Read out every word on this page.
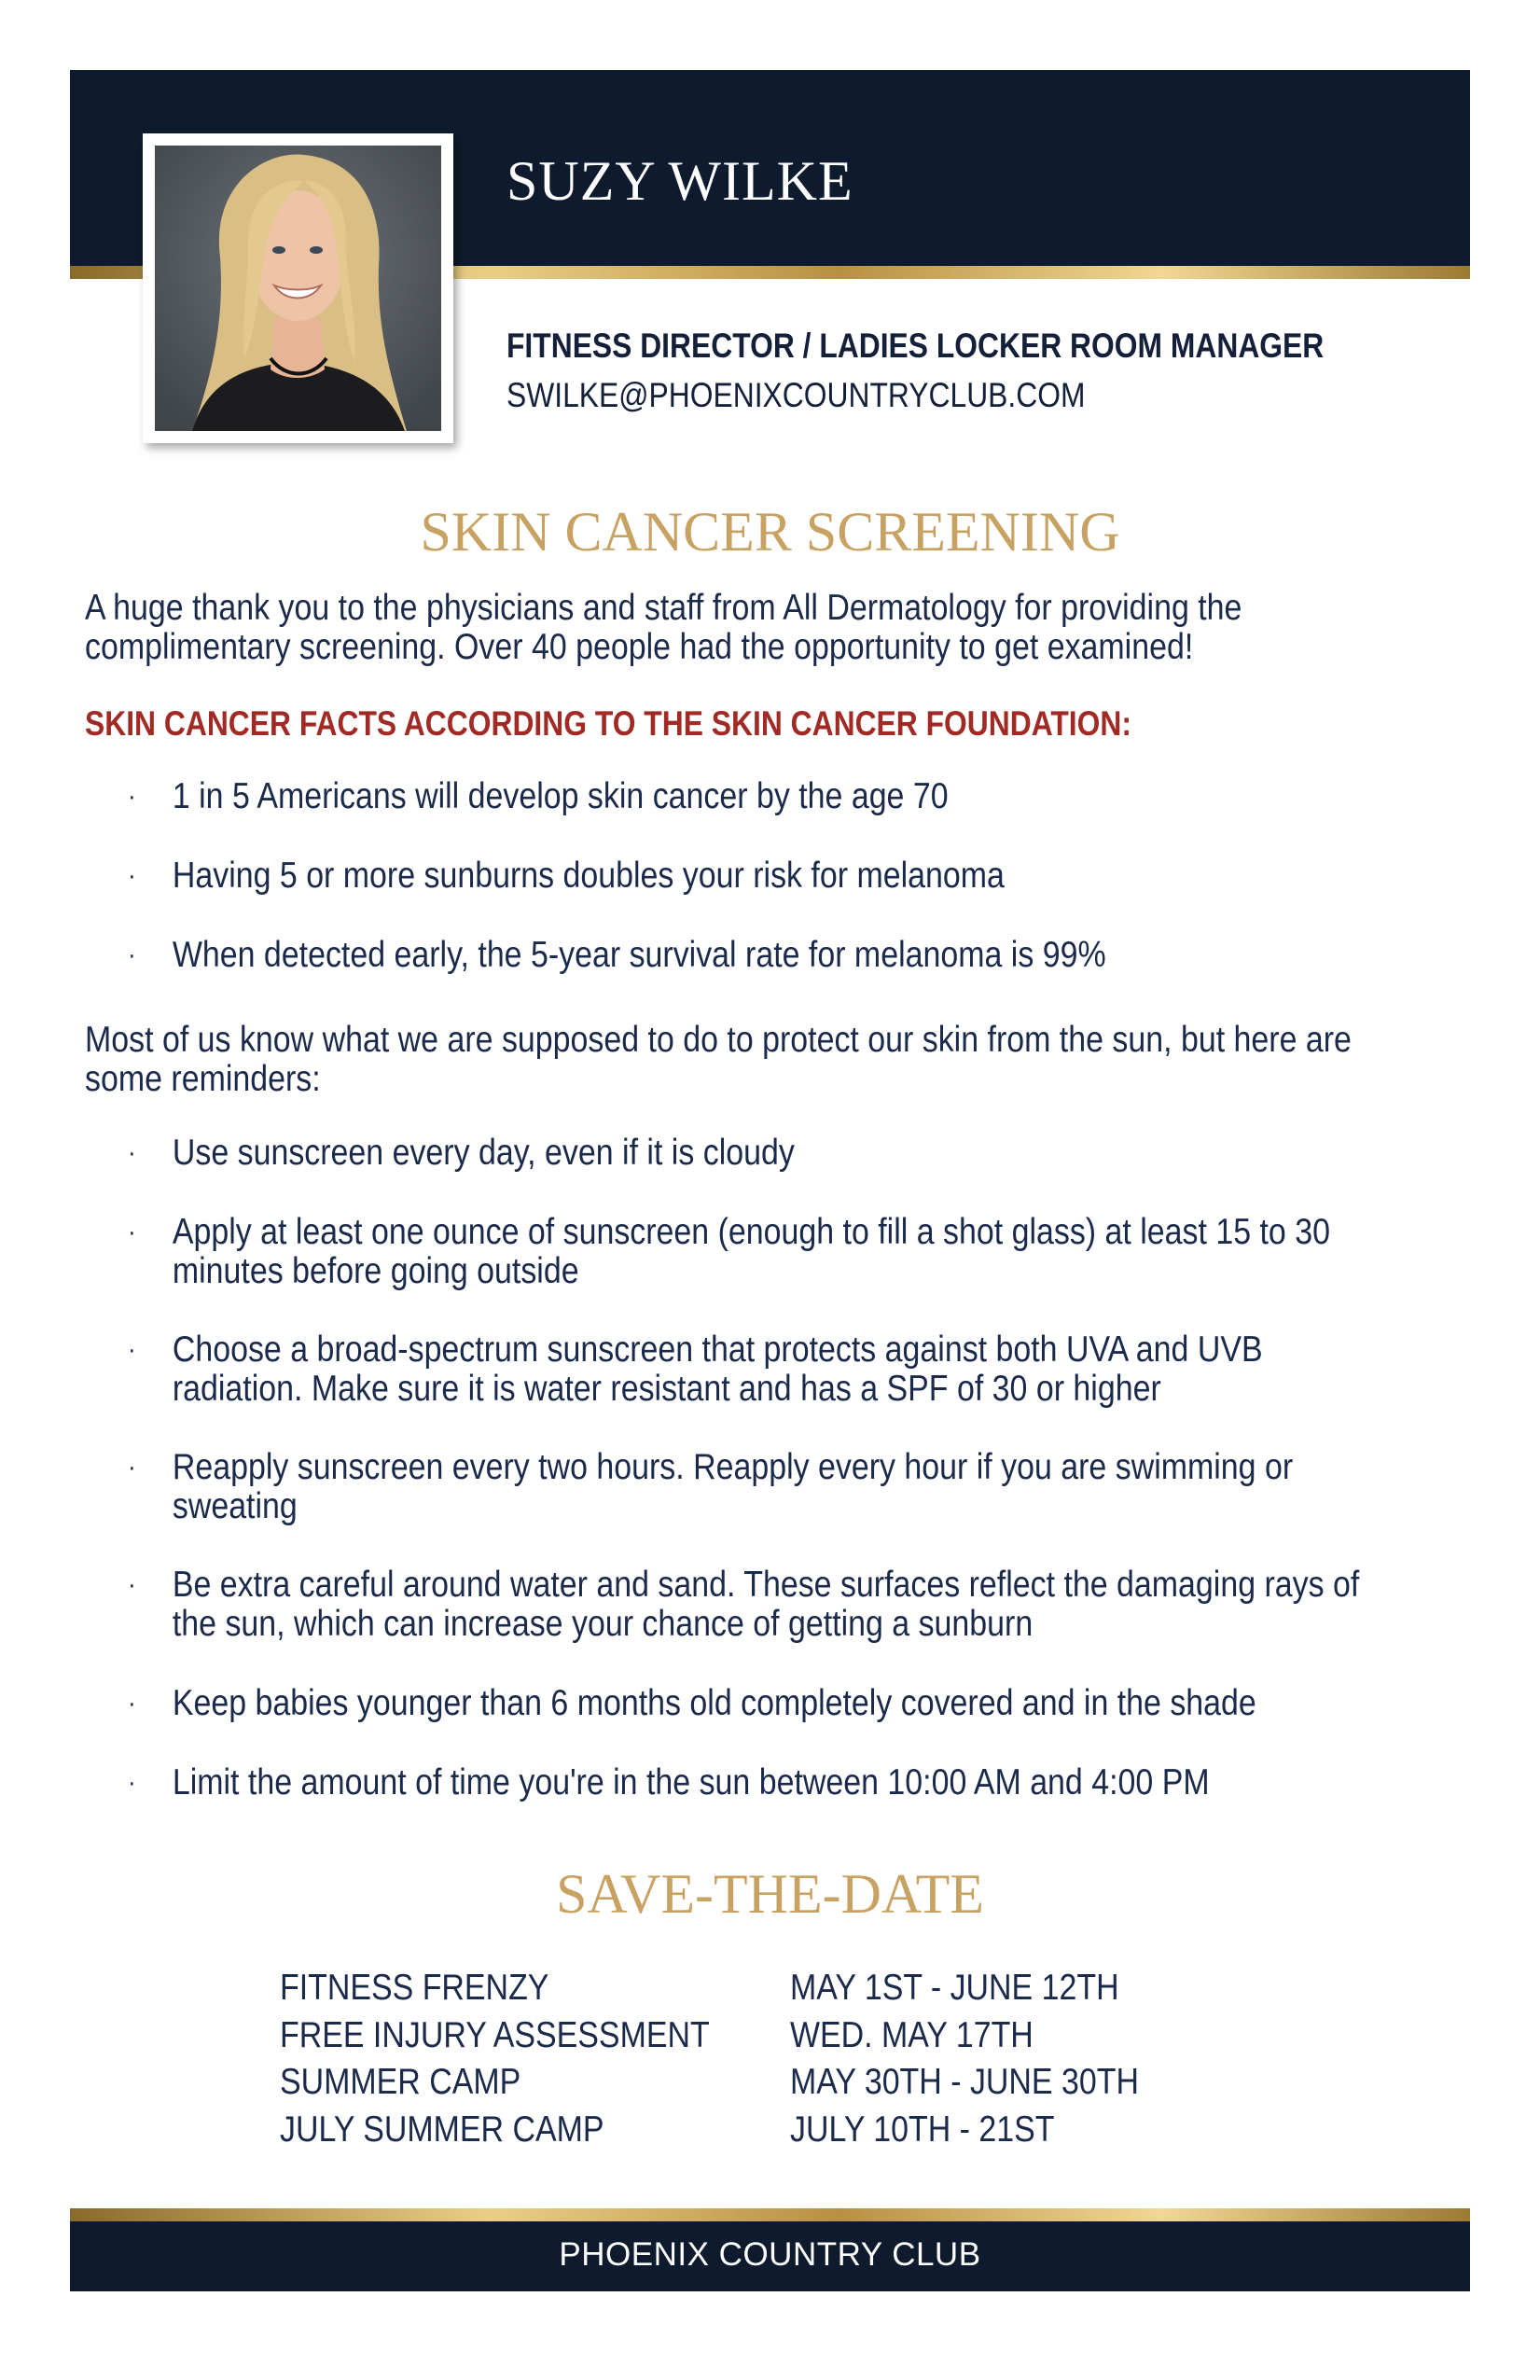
SUZY WILKE
FITNESS DIRECTOR / LADIES LOCKER ROOM MANAGER
SWILKE@PHOENIXCOUNTRYCLUB.COM
SKIN CANCER SCREENING

A huge thank you to the physicians and staff from All Dermatology for providing the complimentary screening. Over 40 people had the opportunity to get examined!

SKIN CANCER FACTS ACCORDING TO THE SKIN CANCER FOUNDATION:
· 1 in 5 Americans will develop skin cancer by the age 70
· Having 5 or more sunburns doubles your risk for melanoma
· When detected early, the 5-year survival rate for melanoma is 99%

Most of us know what we are supposed to do to protect our skin from the sun, but here are some reminders:

· Use sunscreen every day, even if it is cloudy
· Apply at least one ounce of sunscreen (enough to fill a shot glass) at least 15 to 30 minutes before going outside
· Choose a broad-spectrum sunscreen that protects against both UVA and UVB radiation. Make sure it is water resistant and has a SPF of 30 or higher
· Reapply sunscreen every two hours. Reapply every hour if you are swimming or sweating
· Be extra careful around water and sand. These surfaces reflect the damaging rays of the sun, which can increase your chance of getting a sunburn
· Keep babies younger than 6 months old completely covered and in the shade
· Limit the amount of time you're in the sun between 10:00 AM and 4:00 PM
SAVE-THE-DATE
FITNESS FRENZY	MAY 1ST - JUNE 12TH
FREE INJURY ASSESSMENT WED. MAY 17TH
SUMMER CAMP	MAY 30TH - JUNE 30TH
JULY SUMMER CAMP	JULY 10TH - 21ST
PHOENIX COUNTRY CLUB
